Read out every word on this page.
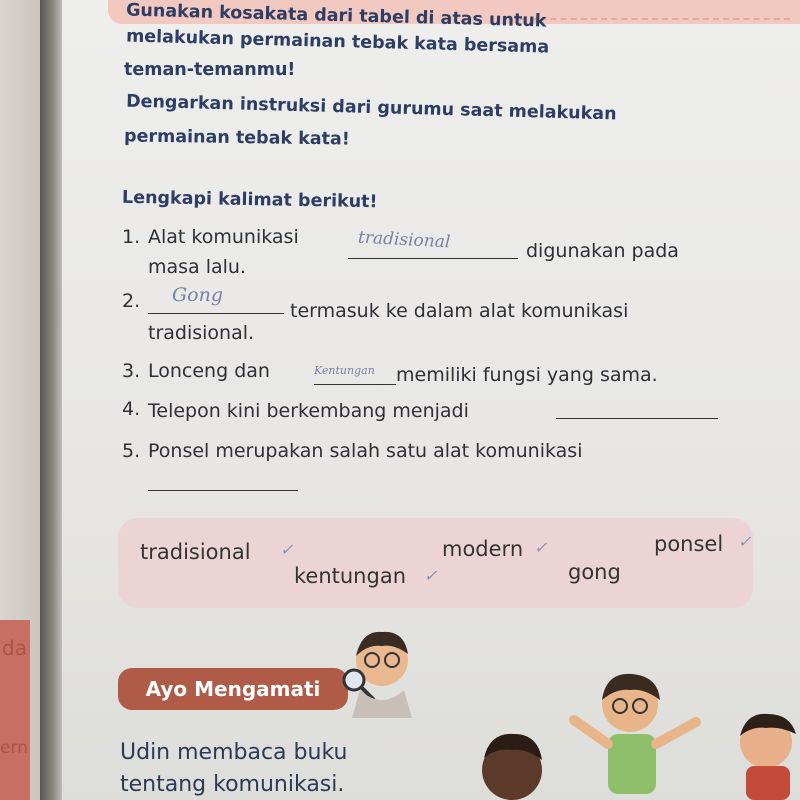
da
ern
Gunakan kosakata dari tabel di atas untuk
melakukan permainan tebak kata bersama
teman-temanmu!
Dengarkan instruksi dari gurumu saat melakukan
permainan tebak kata!
Lengkapi kalimat berikut!
1. Alat komunikasi	tradisional	digunakan pada
masa lalu.
2. Gong
termasuk ke dalam alat komunikasi
tradisional.
3. Lonceng dan	Kentungan memiliki fungsi yang sama.
4. Telepon kini berkembang menjadi
5. Ponsel merupakan salah satu alat komunikasi
tradisional ✓	modern ✓	ponsel ✓
kentungan ✓	gong
Ayo Mengamati
Udin membaca buku
tentang komunikasi.
